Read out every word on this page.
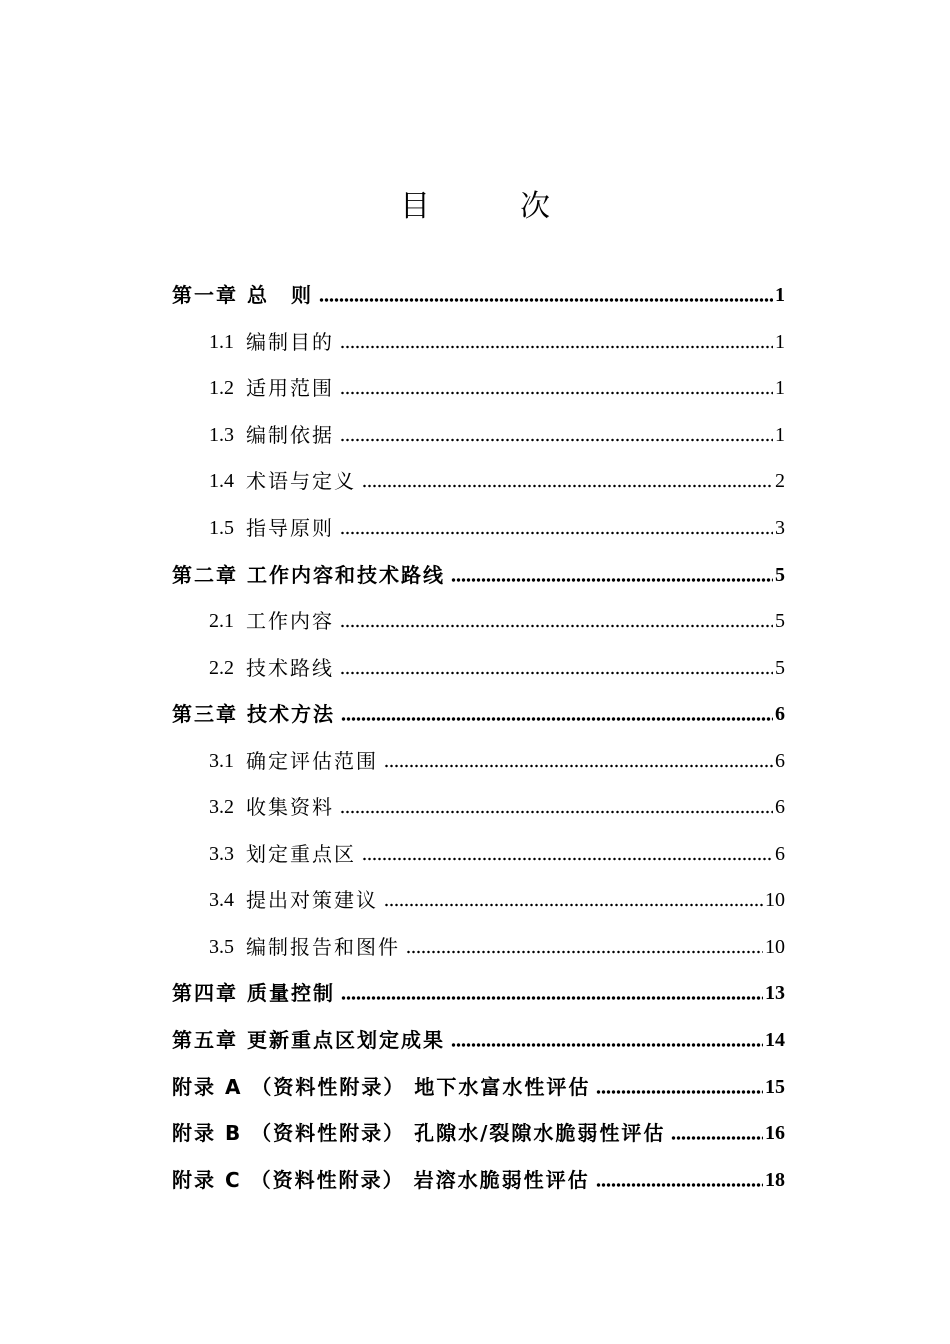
目　次
第一章 总　则	1
1.1 编制目的	1
1.2 适用范围	1
1.3 编制依据	1
1.4 术语与定义	2
1.5 指导原则	3
第二章 工作内容和技术路线	5
2.1 工作内容	5
2.2 技术路线	5
第三章 技术方法	6
3.1 确定评估范围	6
3.2 收集资料	6
3.3 划定重点区	6
3.4 提出对策建议	10
3.5 编制报告和图件	10
第四章 质量控制	13
第五章 更新重点区划定成果	14
附录 A （资料性附录） 地下水富水性评估	15
附录 B （资料性附录） 孔隙水/裂隙水脆弱性评估	16
附录 C （资料性附录） 岩溶水脆弱性评估	18
